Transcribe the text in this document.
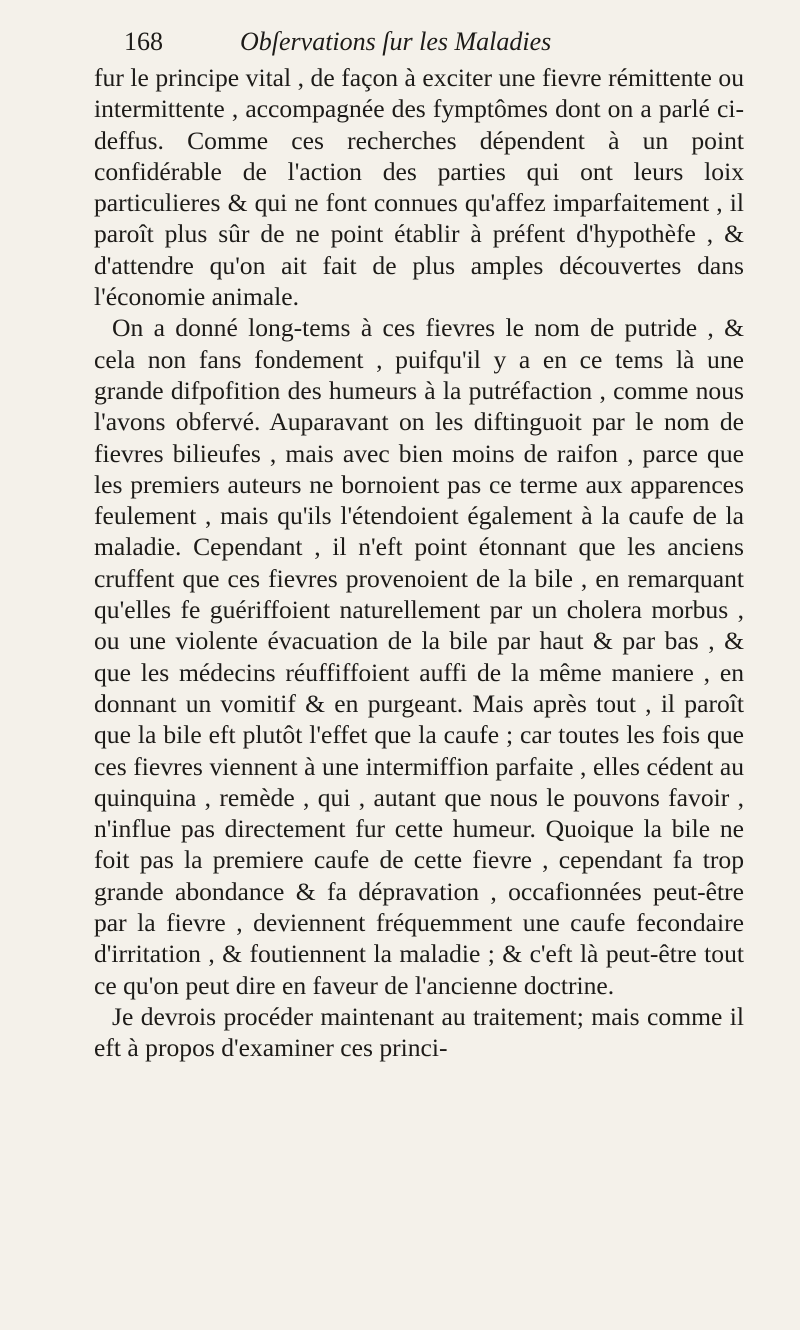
168	Obſervations ſur les Maladies

fur le principe vital , de façon à exciter une fievre rémittente ou intermittente , accompagnée des fymptômes dont on a parlé ci-deffus. Comme ces recherches dépendent à un point confidérable de l'action des parties qui ont leurs loix particulieres & qui ne font connues qu'affez imparfaitement , il paroît plus sûr de ne point établir à préfent d'hypothèfe , & d'attendre qu'on ait fait de plus amples découvertes dans l'économie animale.

On a donné long-tems à ces fievres le nom de putride , & cela non fans fondement , puifqu'il y a en ce tems là une grande difpofition des humeurs à la putréfaction , comme nous l'avons obfervé. Auparavant on les diftinguoit par le nom de fievres bilieufes , mais avec bien moins de raifon , parce que les premiers auteurs ne bornoient pas ce terme aux apparences feulement , mais qu'ils l'étendoient également à la caufe de la maladie. Cependant , il n'eft point étonnant que les anciens cruffent que ces fievres provenoient de la bile , en remarquant qu'elles fe guériffoient naturellement par un cholera morbus , ou une violente évacuation de la bile par haut & par bas , & que les médecins réuffiffoient auffi de la même maniere , en donnant un vomitif & en purgeant. Mais après tout , il paroît que la bile eft plutôt l'effet que la caufe ; car toutes les fois que ces fievres viennent à une intermiffion parfaite , elles cédent au quinquina , remède , qui , autant que nous le pouvons favoir , n'influe pas directement fur cette humeur. Quoique la bile ne foit pas la premiere caufe de cette fievre , cependant fa trop grande abondance & fa dépravation , occafionnées peut-être par la fievre , deviennent fréquemment une caufe fecondaire d'irritation , & foutiennent la maladie ; & c'eft là peut-être tout ce qu'on peut dire en faveur de l'ancienne doctrine.

Je devrois procéder maintenant au traitement; mais comme il eft à propos d'examiner ces princi-
